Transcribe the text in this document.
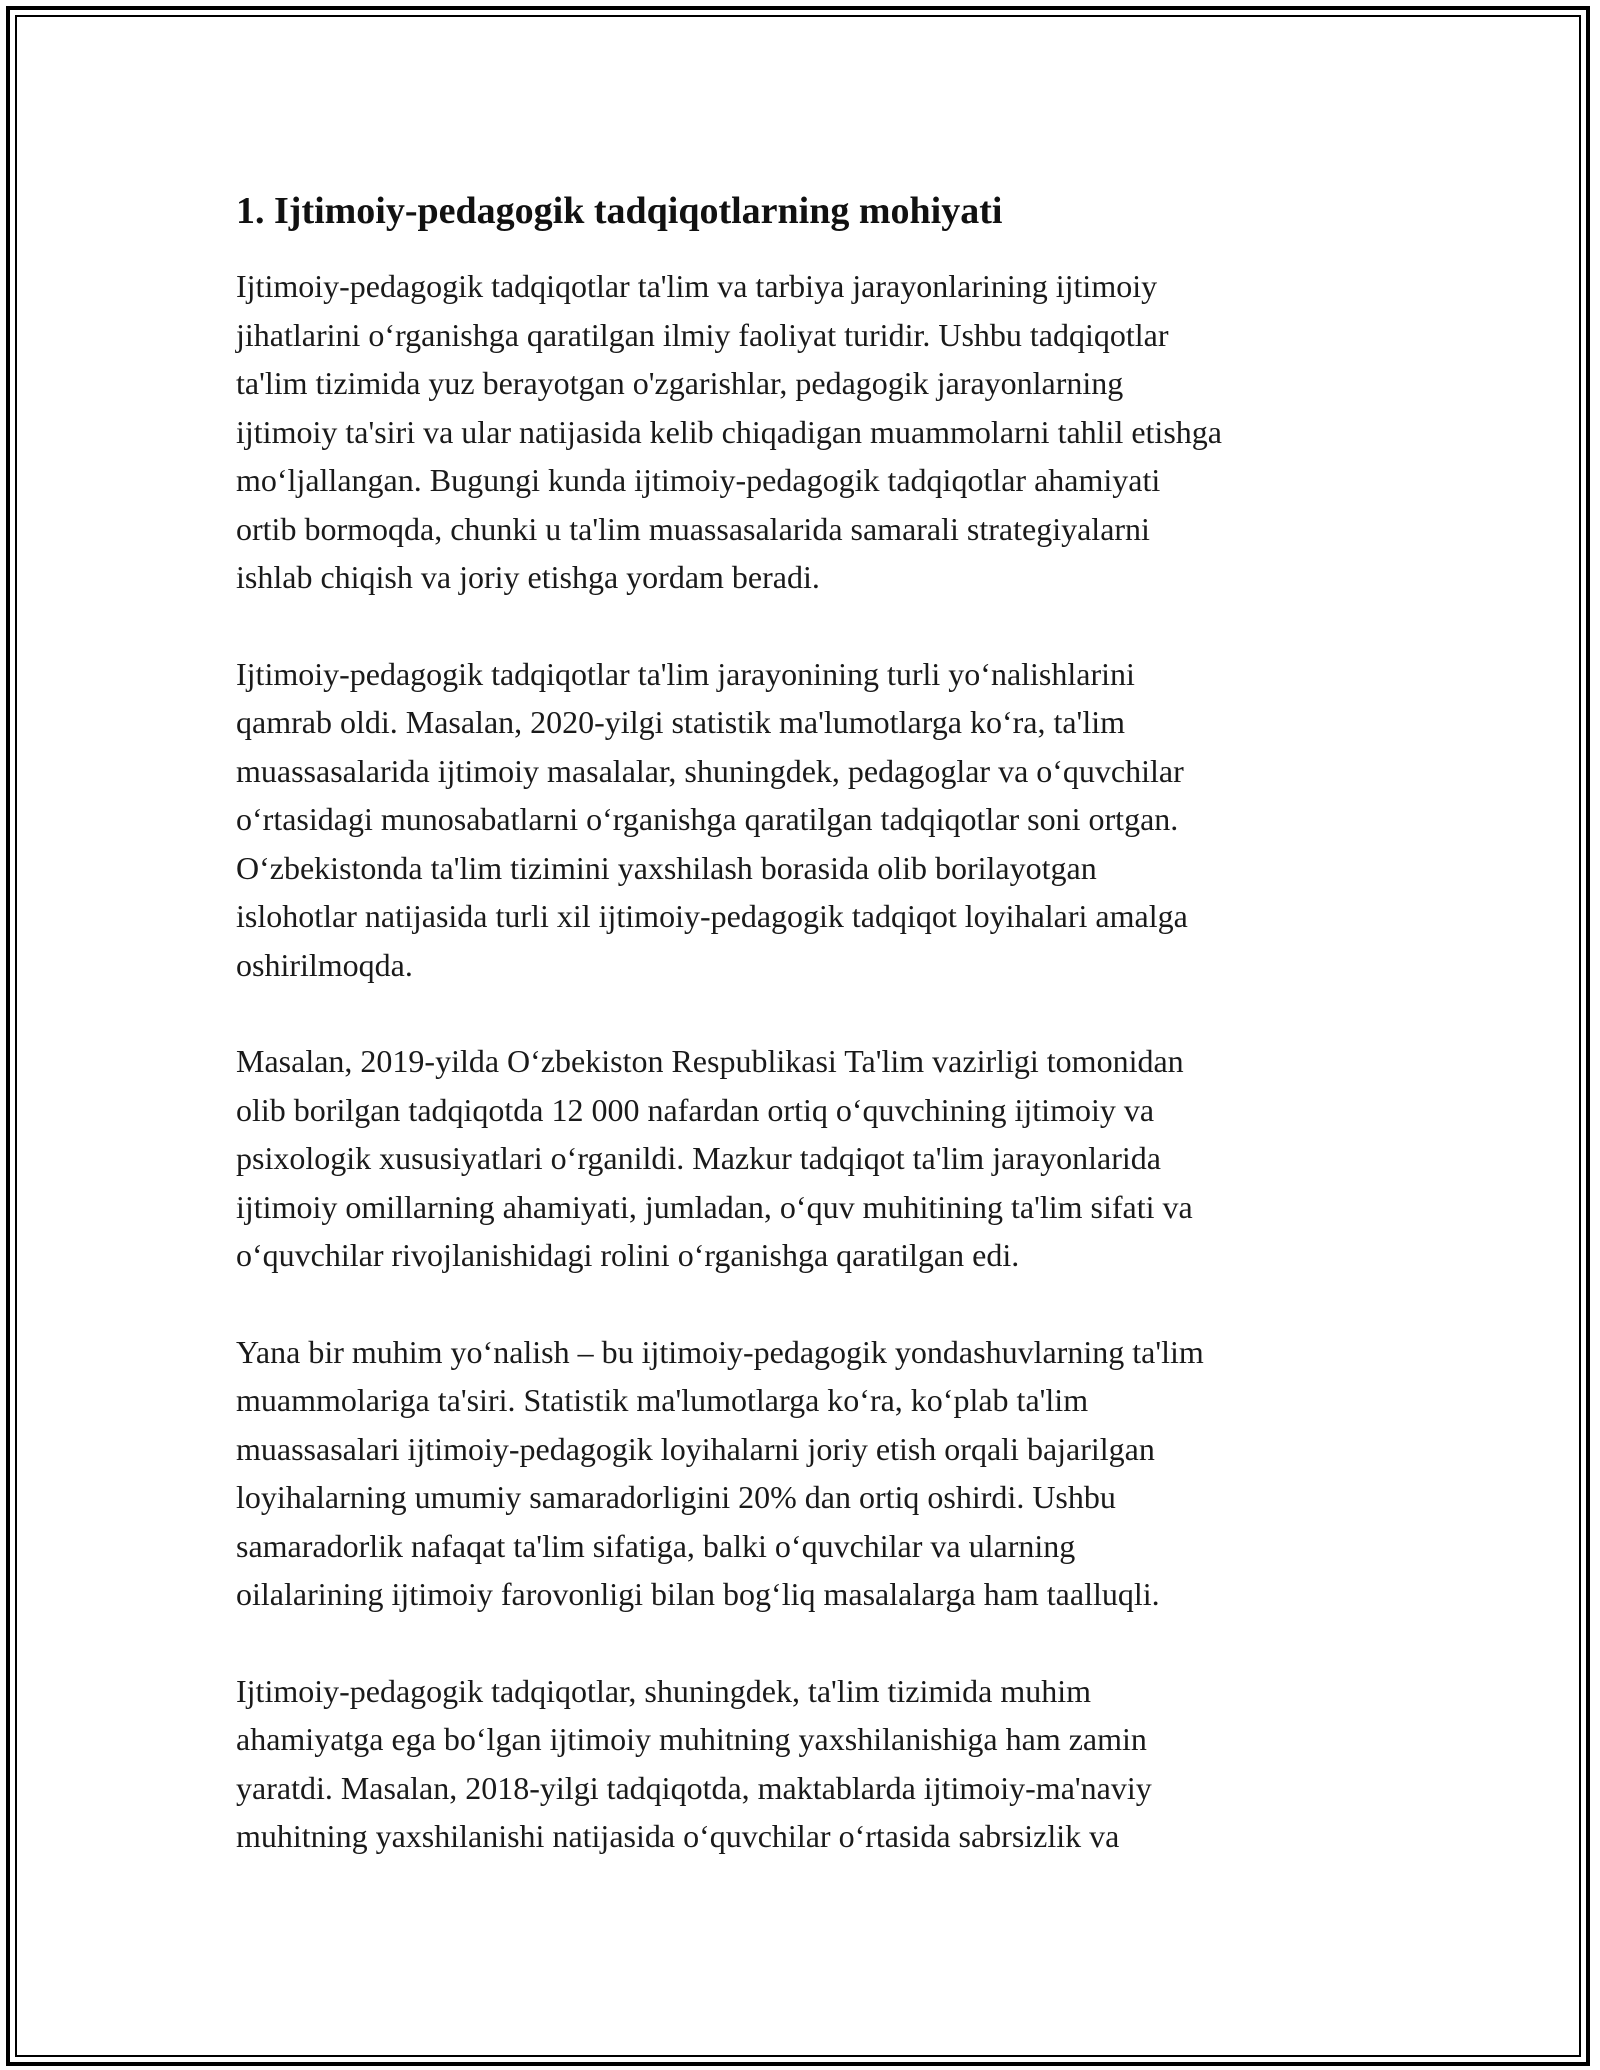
1. Ijtimoiy-pedagogik tadqiqotlarning mohiyati

Ijtimoiy-pedagogik tadqiqotlar ta'lim va tarbiya jarayonlarining ijtimoiy
jihatlarini o‘rganishga qaratilgan ilmiy faoliyat turidir. Ushbu tadqiqotlar
ta'lim tizimida yuz berayotgan o'zgarishlar, pedagogik jarayonlarning
ijtimoiy ta'siri va ular natijasida kelib chiqadigan muammolarni tahlil etishga
mo‘ljallangan. Bugungi kunda ijtimoiy-pedagogik tadqiqotlar ahamiyati
ortib bormoqda, chunki u ta'lim muassasalarida samarali strategiyalarni
ishlab chiqish va joriy etishga yordam beradi.

Ijtimoiy-pedagogik tadqiqotlar ta'lim jarayonining turli yo‘nalishlarini
qamrab oldi. Masalan, 2020-yilgi statistik ma'lumotlarga ko‘ra, ta'lim
muassasalarida ijtimoiy masalalar, shuningdek, pedagoglar va o‘quvchilar
o‘rtasidagi munosabatlarni o‘rganishga qaratilgan tadqiqotlar soni ortgan.
O‘zbekistonda ta'lim tizimini yaxshilash borasida olib borilayotgan
islohotlar natijasida turli xil ijtimoiy-pedagogik tadqiqot loyihalari amalga
oshirilmoqda.

Masalan, 2019-yilda O‘zbekiston Respublikasi Ta'lim vazirligi tomonidan
olib borilgan tadqiqotda 12 000 nafardan ortiq o‘quvchining ijtimoiy va
psixologik xususiyatlari o‘rganildi. Mazkur tadqiqot ta'lim jarayonlarida
ijtimoiy omillarning ahamiyati, jumladan, o‘quv muhitining ta'lim sifati va
o‘quvchilar rivojlanishidagi rolini o‘rganishga qaratilgan edi.

Yana bir muhim yo‘nalish – bu ijtimoiy-pedagogik yondashuvlarning ta'lim
muammolariga ta'siri. Statistik ma'lumotlarga ko‘ra, ko‘plab ta'lim
muassasalari ijtimoiy-pedagogik loyihalarni joriy etish orqali bajarilgan
loyihalarning umumiy samaradorligini 20% dan ortiq oshirdi. Ushbu
samaradorlik nafaqat ta'lim sifatiga, balki o‘quvchilar va ularning
oilalarining ijtimoiy farovonligi bilan bog‘liq masalalarga ham taalluqli.

Ijtimoiy-pedagogik tadqiqotlar, shuningdek, ta'lim tizimida muhim
ahamiyatga ega bo‘lgan ijtimoiy muhitning yaxshilanishiga ham zamin
yaratdi. Masalan, 2018-yilgi tadqiqotda, maktablarda ijtimoiy-ma'naviy
muhitning yaxshilanishi natijasida o‘quvchilar o‘rtasida sabrsizlik va
